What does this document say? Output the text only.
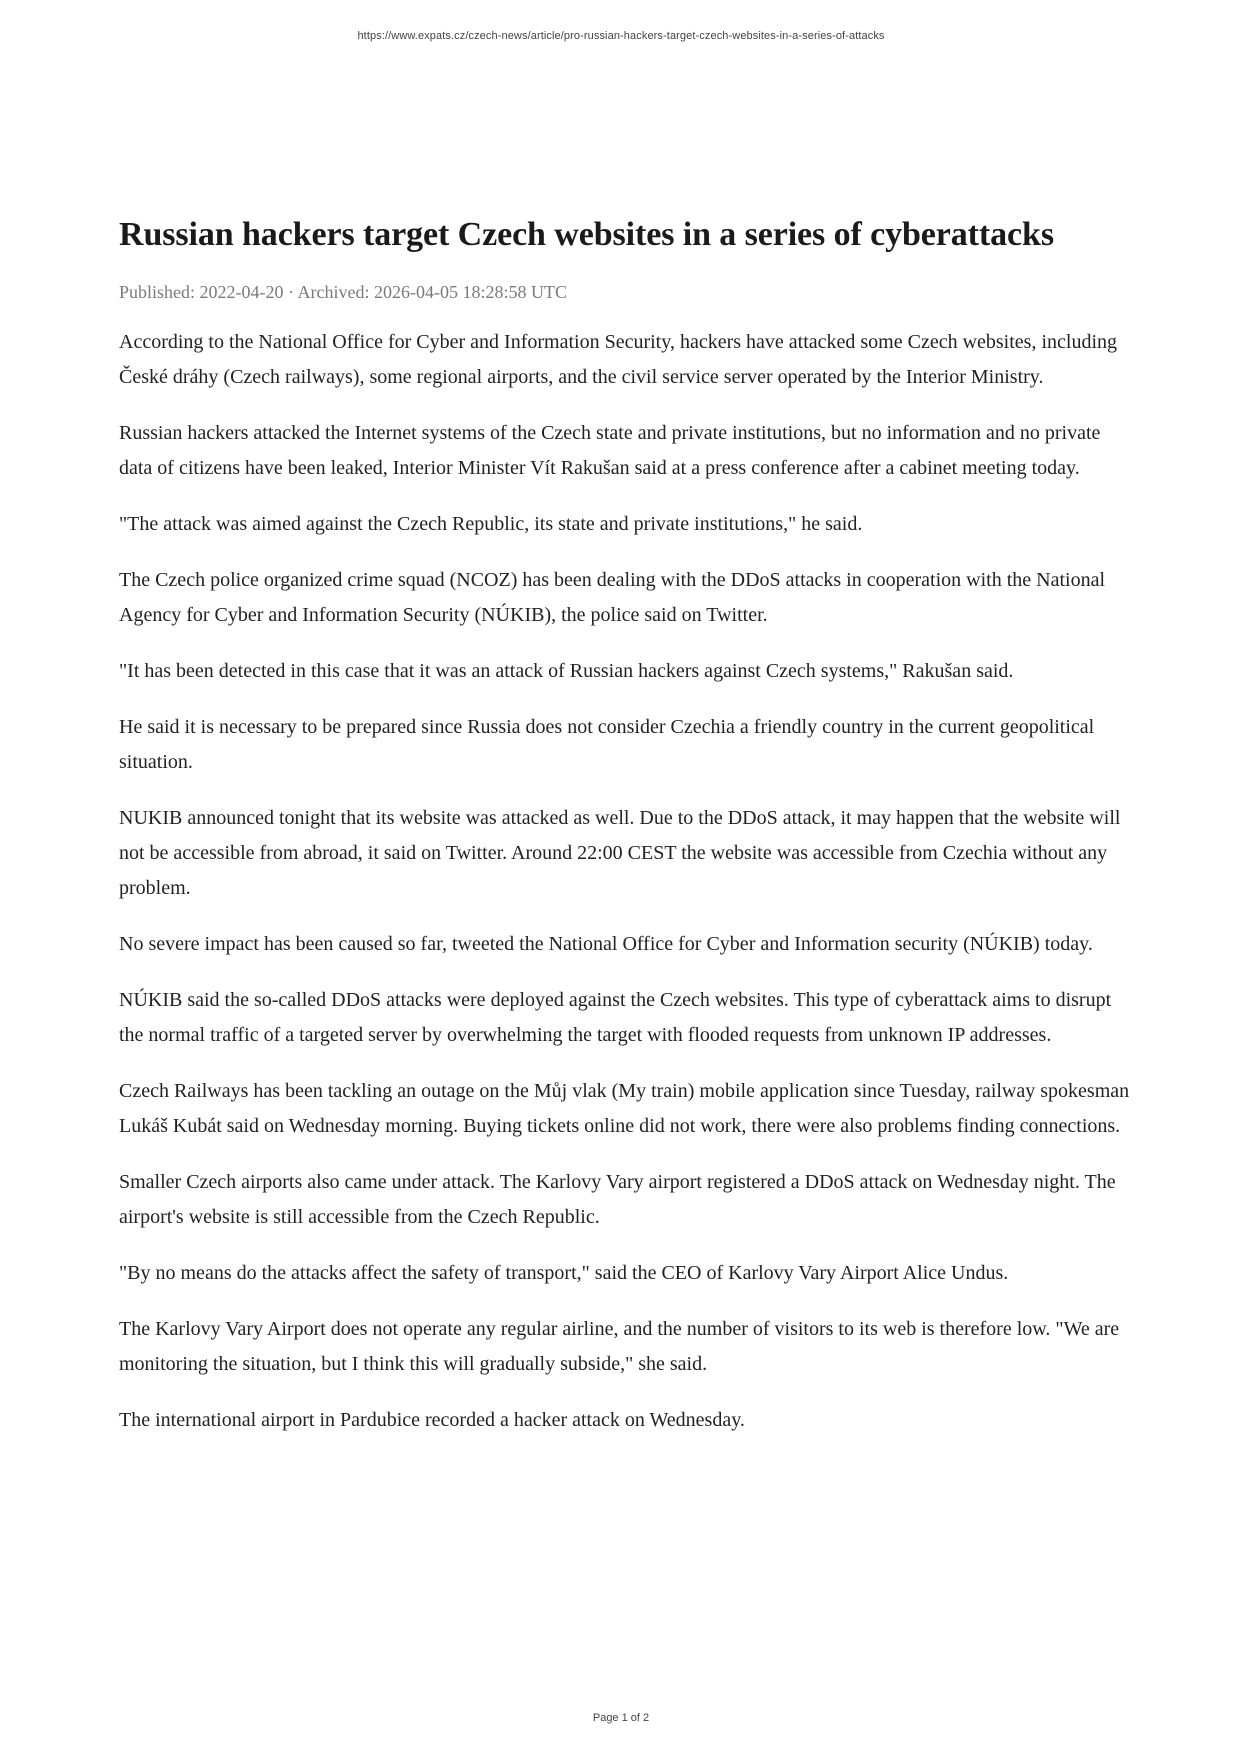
https://www.expats.cz/czech-news/article/pro-russian-hackers-target-czech-websites-in-a-series-of-attacks
Russian hackers target Czech websites in a series of cyberattacks
Published: 2022-04-20 · Archived: 2026-04-05 18:28:58 UTC

According to the National Office for Cyber and Information Security, hackers have attacked some Czech websites, including České dráhy (Czech railways), some regional airports, and the civil service server operated by the Interior Ministry.

Russian hackers attacked the Internet systems of the Czech state and private institutions, but no information and no private data of citizens have been leaked, Interior Minister Vít Rakušan said at a press conference after a cabinet meeting today.

"The attack was aimed against the Czech Republic, its state and private institutions," he said.

The Czech police organized crime squad (NCOZ) has been dealing with the DDoS attacks in cooperation with the National Agency for Cyber and Information Security (NÚKIB), the police said on Twitter.

"It has been detected in this case that it was an attack of Russian hackers against Czech systems," Rakušan said.

He said it is necessary to be prepared since Russia does not consider Czechia a friendly country in the current geopolitical situation.

NUKIB announced tonight that its website was attacked as well. Due to the DDoS attack, it may happen that the website will not be accessible from abroad, it said on Twitter. Around 22:00 CEST the website was accessible from Czechia without any problem.

No severe impact has been caused so far, tweeted the National Office for Cyber and Information security (NÚKIB) today.

NÚKIB said the so-called DDoS attacks were deployed against the Czech websites. This type of cyberattack aims to disrupt the normal traffic of a targeted server by overwhelming the target with flooded requests from unknown IP addresses.

Czech Railways has been tackling an outage on the Můj vlak (My train) mobile application since Tuesday, railway spokesman Lukáš Kubát said on Wednesday morning. Buying tickets online did not work, there were also problems finding connections.

Smaller Czech airports also came under attack. The Karlovy Vary airport registered a DDoS attack on Wednesday night. The airport's website is still accessible from the Czech Republic.

"By no means do the attacks affect the safety of transport," said the CEO of Karlovy Vary Airport Alice Undus.

The Karlovy Vary Airport does not operate any regular airline, and the number of visitors to its web is therefore low. "We are monitoring the situation, but I think this will gradually subside," she said.

The international airport in Pardubice recorded a hacker attack on Wednesday.

Page 1 of 2
